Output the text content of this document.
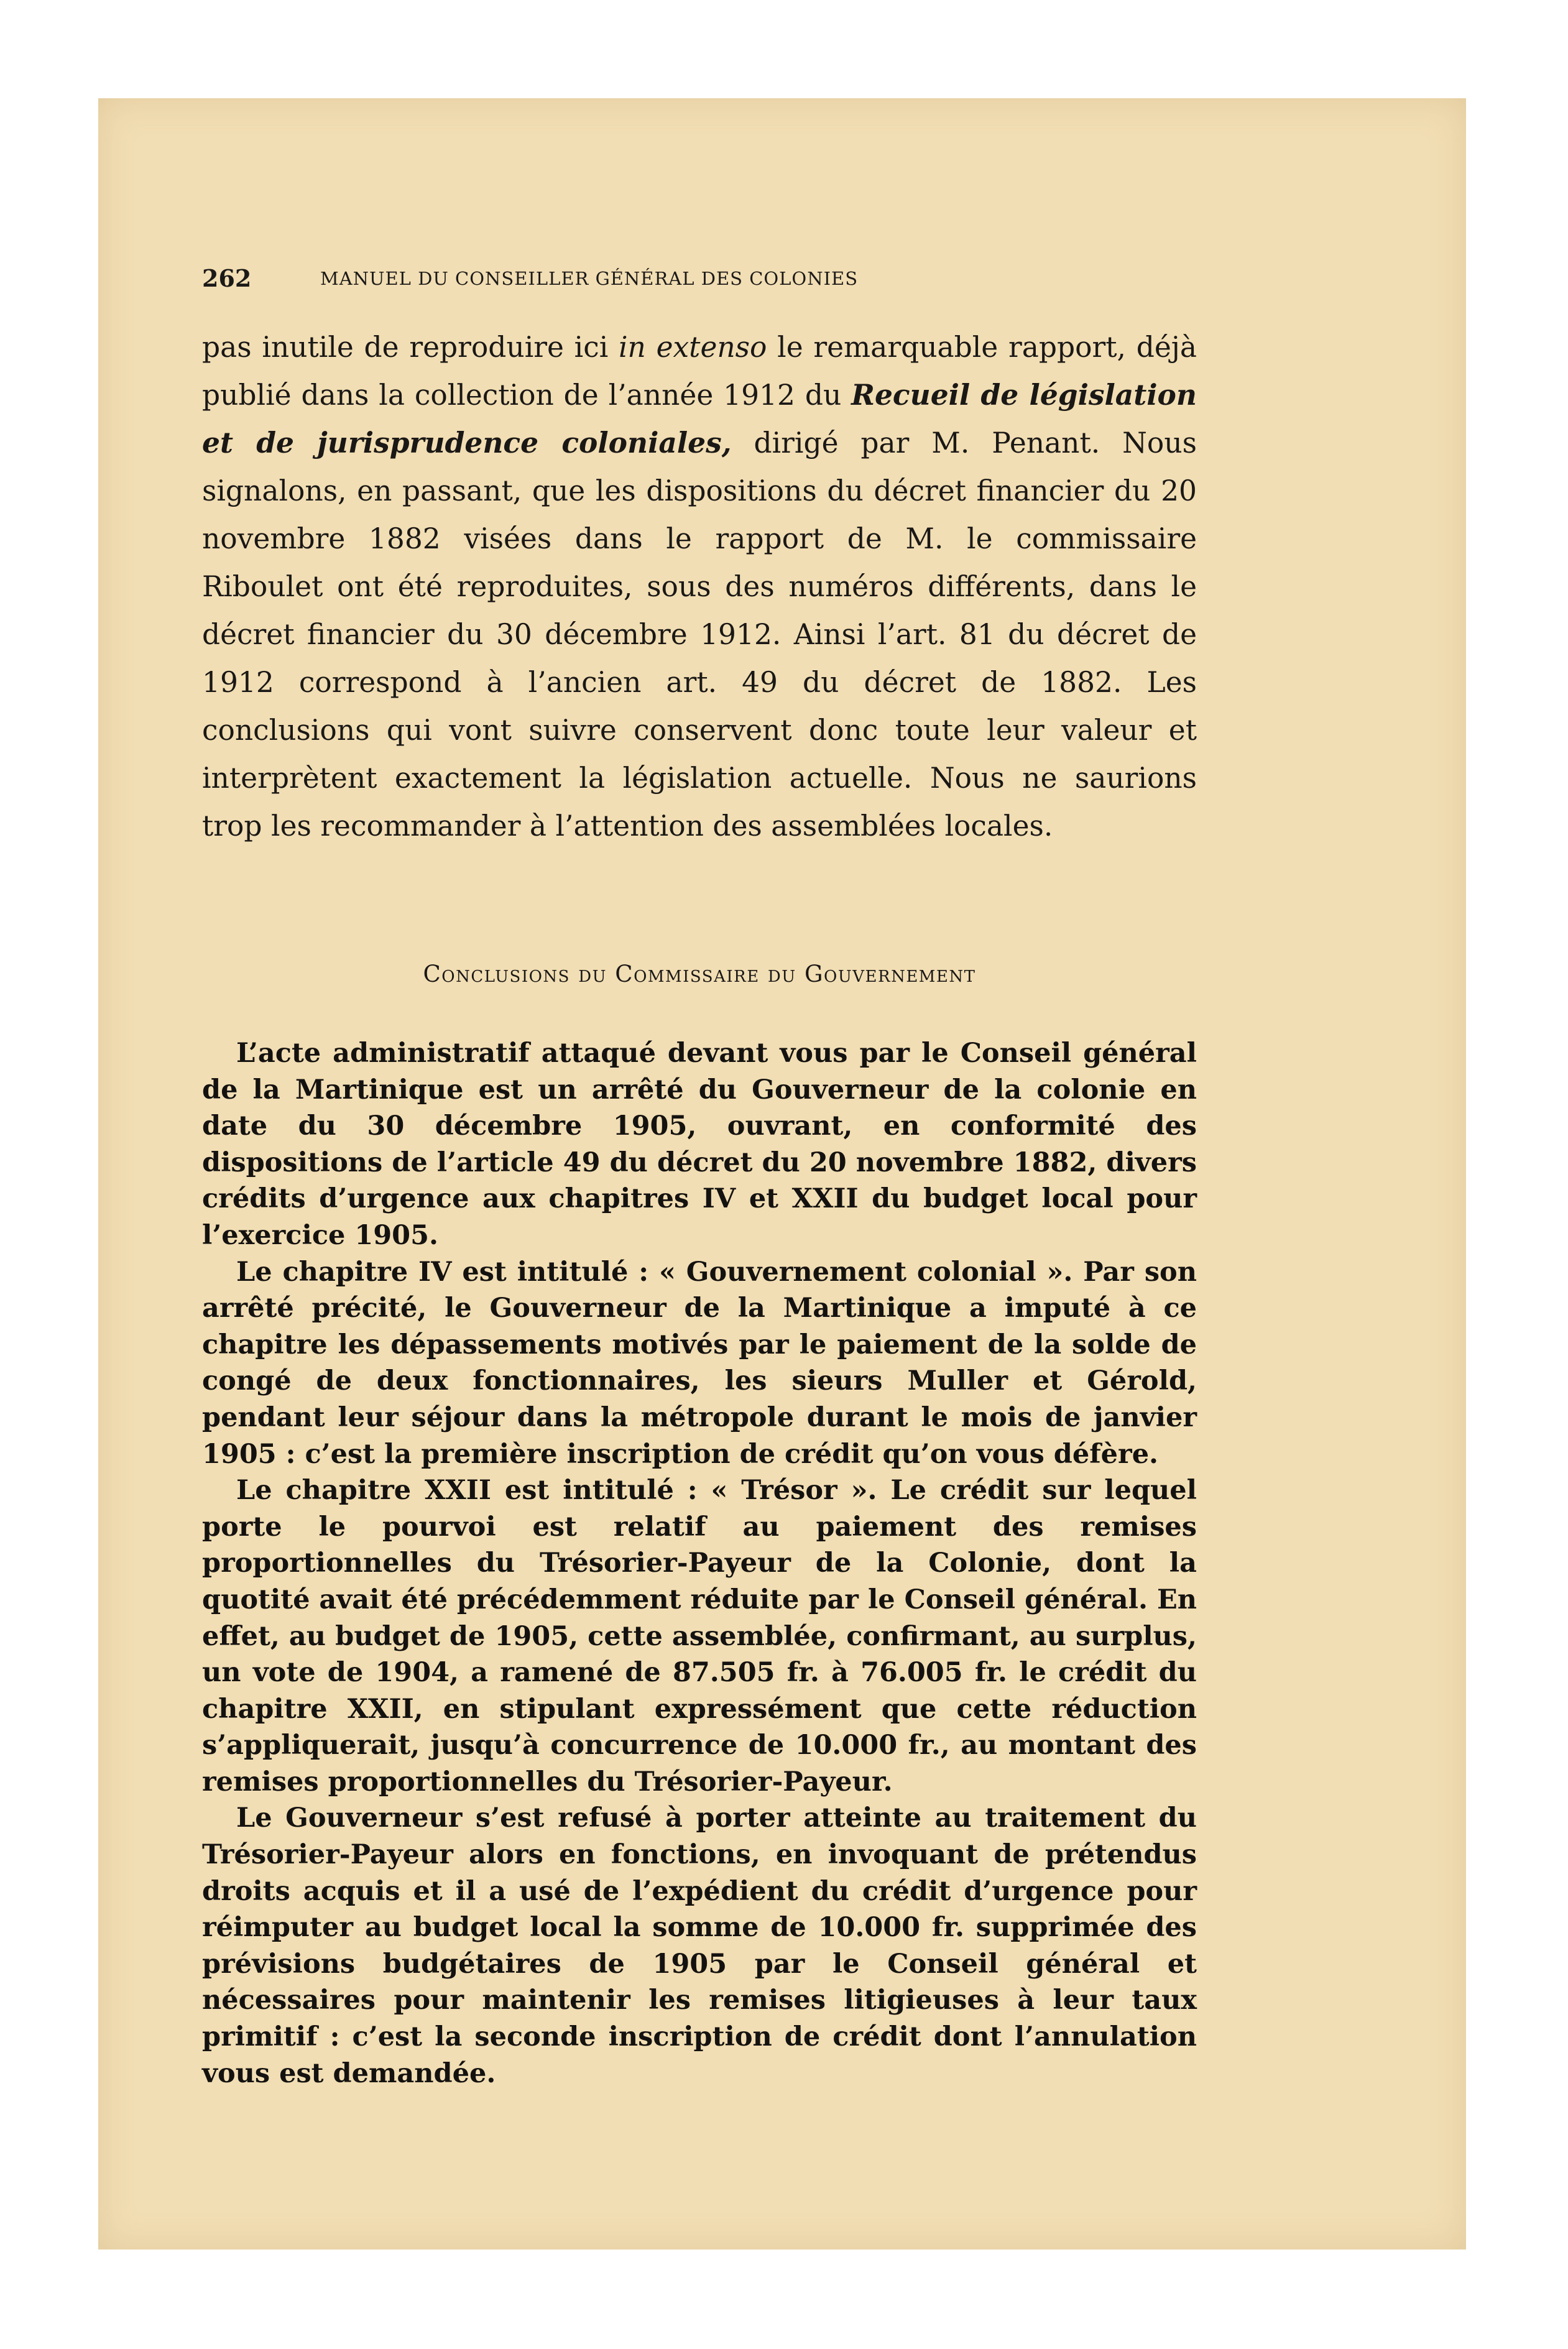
262	MANUEL DU CONSEILLER GÉNÉRAL DES COLONIES

pas inutile de reproduire ici in extenso le remarquable rapport, déjà publié dans la collection de l’année 1912 du Recueil de législation et de jurisprudence coloniales, dirigé par M. Penant. Nous signalons, en passant, que les dispositions du décret financier du 20 novembre 1882 visées dans le rapport de M. le commissaire Riboulet ont été reproduites, sous des numéros différents, dans le décret financier du 30 décembre 1912. Ainsi l’art. 81 du décret de 1912 correspond à l’ancien art. 49 du décret de 1882. Les conclusions qui vont suivre conservent donc toute leur valeur et interprètent exactement la législation actuelle. Nous ne saurions trop les recommander à l’attention des assemblées locales.

Conclusions du Commissaire du Gouvernement

L’acte administratif attaqué devant vous par le Conseil général de la Martinique est un arrêté du Gouverneur de la colonie en date du 30 décembre 1905, ouvrant, en conformité des dispositions de l’article 49 du décret du 20 novembre 1882, divers crédits d’urgence aux chapitres IV et XXII du budget local pour l’exercice 1905.

Le chapitre IV est intitulé : « Gouvernement colonial ». Par son arrêté précité, le Gouverneur de la Martinique a imputé à ce chapitre les dépassements motivés par le paiement de la solde de congé de deux fonctionnaires, les sieurs Muller et Gérold, pendant leur séjour dans la métropole durant le mois de janvier 1905 : c’est la première inscription de crédit qu’on vous défère.

Le chapitre XXII est intitulé : « Trésor ». Le crédit sur lequel porte le pourvoi est relatif au paiement des remises proportionnelles du Trésorier-Payeur de la Colonie, dont la quotité avait été précédemment réduite par le Conseil général. En effet, au budget de 1905, cette assemblée, confirmant, au surplus, un vote de 1904, a ramené de 87.505 fr. à 76.005 fr. le crédit du chapitre XXII, en stipulant expressément que cette réduction s’appliquerait, jusqu’à concurrence de 10.000 fr., au montant des remises proportionnelles du Trésorier-Payeur.

Le Gouverneur s’est refusé à porter atteinte au traitement du Trésorier-Payeur alors en fonctions, en invoquant de prétendus droits acquis et il a usé de l’expédient du crédit d’urgence pour réimputer au budget local la somme de 10.000 fr. supprimée des prévisions budgétaires de 1905 par le Conseil général et nécessaires pour maintenir les remises litigieuses à leur taux primitif : c’est la seconde inscription de crédit dont l’annulation vous est demandée.
